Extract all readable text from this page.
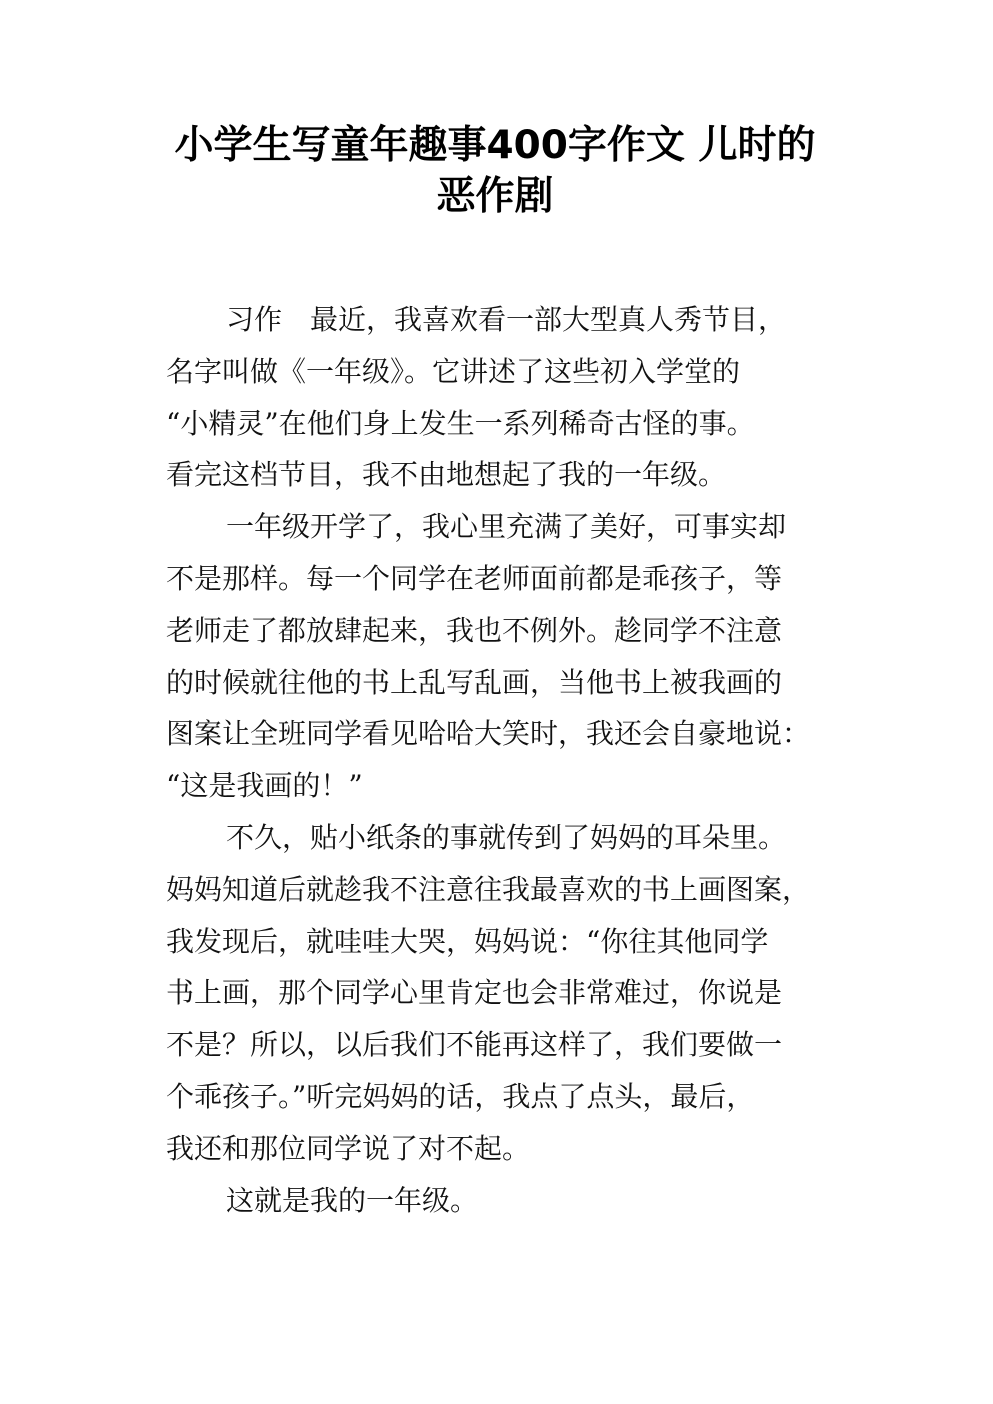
小学生写童年趣事400字作文 儿时的
恶作剧
习作　最近，我喜欢看一部大型真人秀节目，
名字叫做《一年级》。它讲述了这些初入学堂的
“小精灵”在他们身上发生一系列稀奇古怪的事。
看完这档节目，我不由地想起了我的一年级。
一年级开学了，我心里充满了美好，可事实却
不是那样。每一个同学在老师面前都是乖孩子，等
老师走了都放肆起来，我也不例外。趁同学不注意
的时候就往他的书上乱写乱画，当他书上被我画的
图案让全班同学看见哈哈大笑时，我还会自豪地说：
“这是我画的！”
不久，贴小纸条的事就传到了妈妈的耳朵里。
妈妈知道后就趁我不注意往我最喜欢的书上画图案，
我发现后，就哇哇大哭，妈妈说：“你往其他同学
书上画，那个同学心里肯定也会非常难过，你说是
不是？所以，以后我们不能再这样了，我们要做一
个乖孩子。”听完妈妈的话，我点了点头，最后，
我还和那位同学说了对不起。
这就是我的一年级。
